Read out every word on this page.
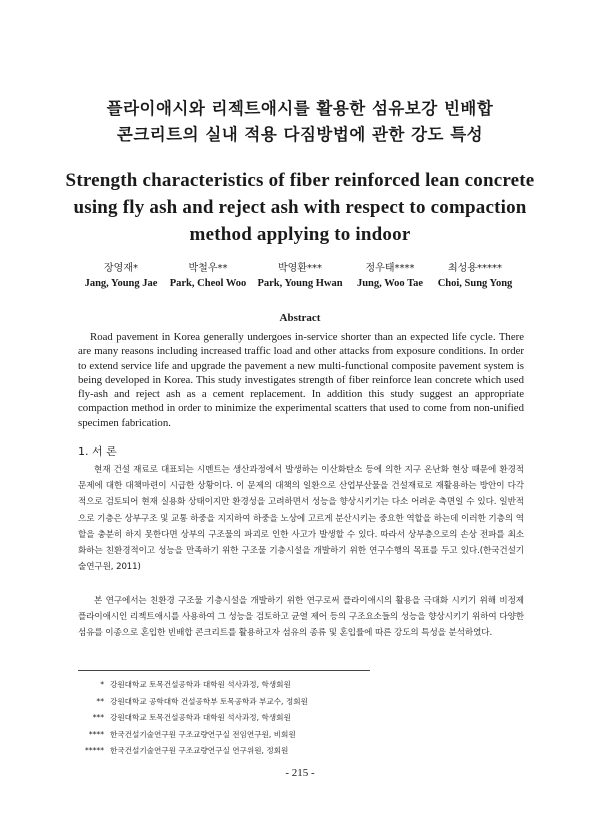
플라이애시와 리젝트애시를 활용한 섬유보강 빈배합
콘크리트의 실내 적용 다짐방법에 관한 강도 특성
Strength characteristics of fiber reinforced lean concrete
using fly ash and reject ash with respect to compaction
method applying to indoor
장영재*
Jang, Young Jae
박철우**
Park, Cheol Woo
박영환***
Park, Young Hwan
정우태****
Jung, Woo Tae
최성용*****
Choi, Sung Yong
Abstract
Road pavement in Korea generally undergoes in-service shorter than an expected life cycle. There are many reasons including increased traffic load and other attacks from exposure conditions. In order to extend service life and upgrade the pavement a new multi-functional composite pavement system is being developed in Korea. This study investigates strength of fiber reinforce lean concrete which used fly-ash and reject ash as a cement replacement. In addition this study suggest an appropriate compaction method in order to minimize the experimental scatters that used to come from non-unified specimen fabrication.
1. 서 론
현재 건설 재료로 대표되는 시멘트는 생산과정에서 발생하는 이산화탄소 등에 의한 지구 온난화 현상 때문에 환경적 문제에 대한 대책마련이 시급한 상황이다. 이 문제의 대책의 일환으로 산업부산물을 건설재료로 재활용하는 방안이 다각적으로 검토되어 현재 실용화 상태이지만 환경성을 고려하면서 성능을 향상시키기는 다소 어려운 측면일 수 있다. 일반적으로 기층은 상부구조 및 교통 하중을 지지하여 하중을 노상에 고르게 분산시키는 중요한 역할을 하는데 이러한 기층의 역할을 충분히 하지 못한다면 상부의 구조물의 파괴로 인한 사고가 발생할 수 있다. 따라서 상부층으로의 손상 전파를 최소화하는 친환경적이고 성능을 만족하기 위한 구조물 기층시설을 개발하기 위한 연구수행의 목표를 두고 있다.(한국건설기술연구원, 2011)
본 연구에서는 친환경 구조물 기층시설을 개발하기 위한 연구로써 플라이애시의 활용을 극대화 시키기 위해 비정제 플라이애시인 리젝트애시를 사용하여 그 성능을 검토하고 균열 제어 등의 구조요소들의 성능을 향상시키기 위하여 다양한 섬유를 이종으로 혼입한 빈배합 콘크리트를 활용하고자 섬유의 종류 및 혼입률에 따른 강도의 특성을 분석하였다.
* 강원대학교 토목건설공학과 대학원 석사과정, 학생회원
** 강원대학교 공학대학 건설공학부 토목공학과 부교수, 정회원
*** 강원대학교 토목건설공학과 대학원 석사과정, 학생회원
**** 한국건설기술연구원 구조교량연구실 전임연구원, 비회원
***** 한국건설기술연구원 구조교량연구실 연구위원, 정회원
- 215 -
